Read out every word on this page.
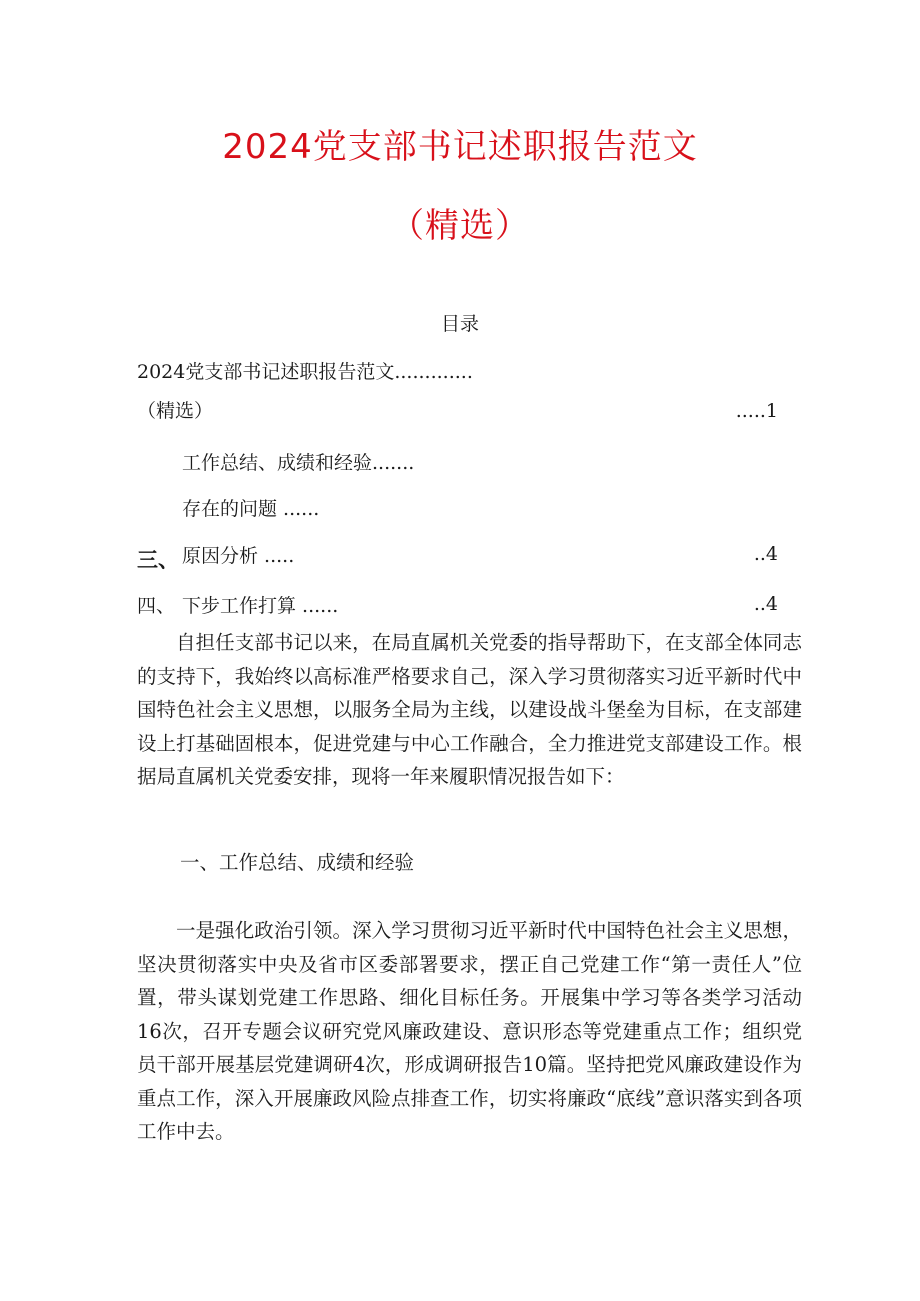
2024党支部书记述职报告范文
（精选）
目录
2024党支部书记述职报告范文.............
（精选）	.....1
工作总结、成绩和经验.......
存在的问题 ......
三、 原因分析 .....	..4
四、 下步工作打算 ......	..4

自担任支部书记以来，在局直属机关党委的指导帮助下，在支部全体同志的支持下，我始终以高标准严格要求自己，深入学习贯彻落实习近平新时代中国特色社会主义思想，以服务全局为主线，以建设战斗堡垒为目标，在支部建设上打基础固根本，促进党建与中心工作融合，全力推进党支部建设工作。根据局直属机关党委安排，现将一年来履职情况报告如下：

一、工作总结、成绩和经验

一是强化政治引领。深入学习贯彻习近平新时代中国特色社会主义思想，坚决贯彻落实中央及省市区委部署要求，摆正自己党建工作“第一责任人”位置，带头谋划党建工作思路、细化目标任务。开展集中学习等各类学习活动16次，召开专题会议研究党风廉政建设、意识形态等党建重点工作；组织党员干部开展基层党建调研4次，形成调研报告10篇。坚持把党风廉政建设作为重点工作，深入开展廉政风险点排查工作，切实将廉政“底线”意识落实到各项工作中去。
